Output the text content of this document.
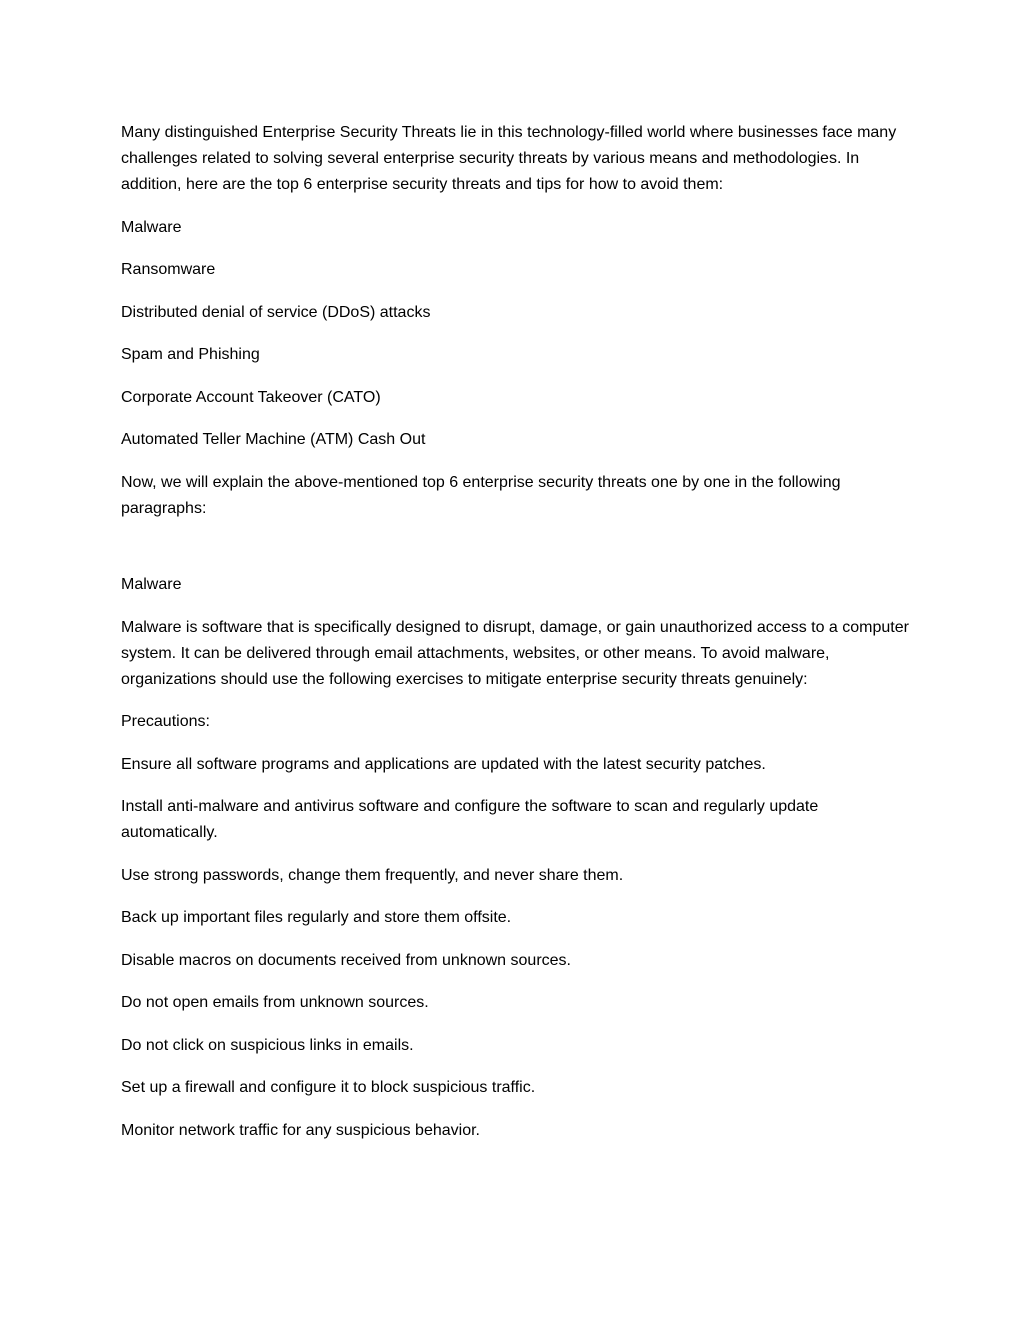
Many distinguished Enterprise Security Threats lie in this technology-filled world where businesses face many challenges related to solving several enterprise security threats by various means and methodologies. In addition, here are the top 6 enterprise security threats and tips for how to avoid them:

Malware

Ransomware

Distributed denial of service (DDoS) attacks

Spam and Phishing

Corporate Account Takeover (CATO)

Automated Teller Machine (ATM) Cash Out

Now, we will explain the above-mentioned top 6 enterprise security threats one by one in the following paragraphs:

Malware

Malware is software that is specifically designed to disrupt, damage, or gain unauthorized access to a computer system. It can be delivered through email attachments, websites, or other means. To avoid malware, organizations should use the following exercises to mitigate enterprise security threats genuinely:

Precautions:

Ensure all software programs and applications are updated with the latest security patches.

Install anti-malware and antivirus software and configure the software to scan and regularly update automatically.

Use strong passwords, change them frequently, and never share them.

Back up important files regularly and store them offsite.

Disable macros on documents received from unknown sources.

Do not open emails from unknown sources.

Do not click on suspicious links in emails.

Set up a firewall and configure it to block suspicious traffic.

Monitor network traffic for any suspicious behavior.
